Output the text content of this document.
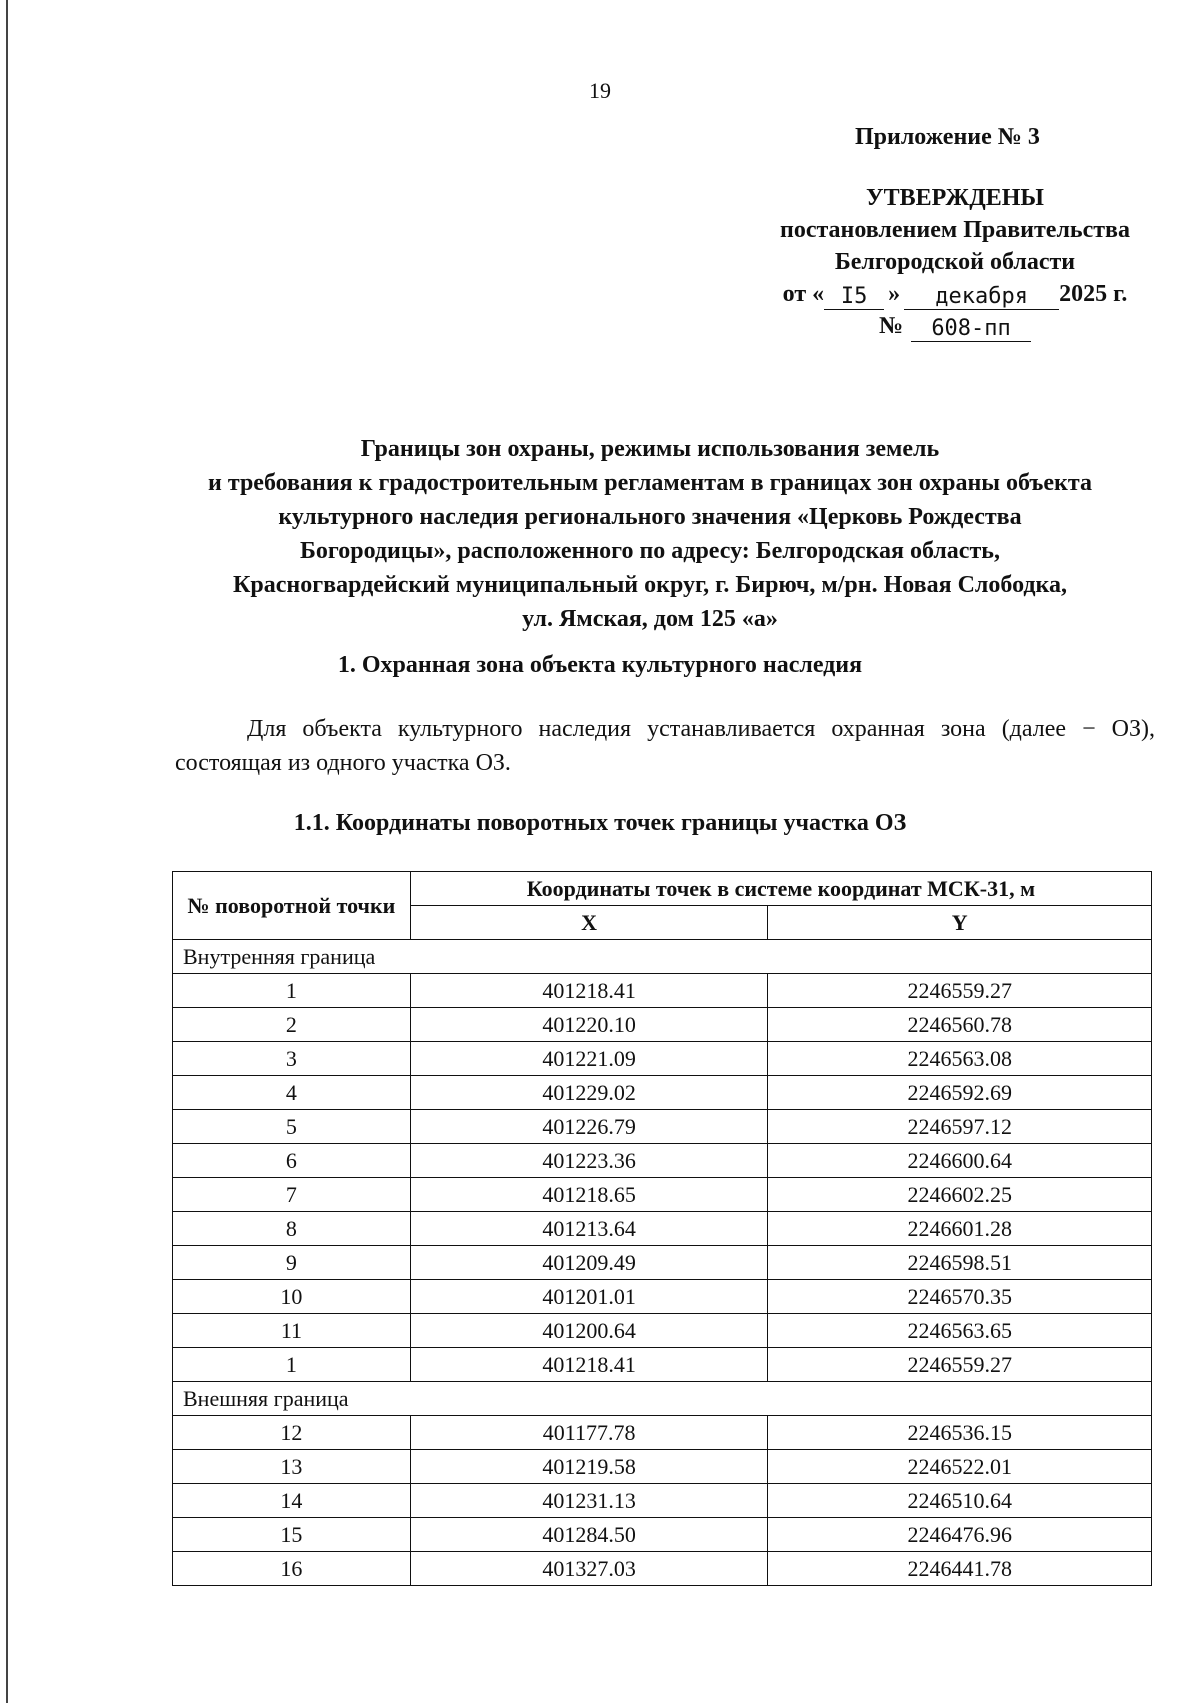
19
Приложение № 3
УТВЕРЖДЕНЫ
постановлением Правительства
Белгородской области
от « I5 »	декабря	2025 г.
№	608-пп
Границы зон охраны, режимы использования земель
и требования к градостроительным регламентам в границах зон охраны объекта
культурного наследия регионального значения «Церковь Рождества
Богородицы», расположенного по адресу: Белгородская область,
Красногвардейский муниципальный округ, г. Бирюч, м/рн. Новая Слободка,
ул. Ямская, дом 125 «а»
1. Охранная зона объекта культурного наследия
Для объекта культурного наследия устанавливается охранная зона (далее − ОЗ), состоящая из одного участка ОЗ.
1.1. Координаты поворотных точек границы участка ОЗ
№ поворотной точки	Координаты точек в системе координат МСК-31, м	
	X	Y
Внутренняя граница		
1	401218.41	2246559.27
2	401220.10	2246560.78
3	401221.09	2246563.08
4	401229.02	2246592.69
5	401226.79	2246597.12
6	401223.36	2246600.64
7	401218.65	2246602.25
8	401213.64	2246601.28
9	401209.49	2246598.51
10	401201.01	2246570.35
11	401200.64	2246563.65
1	401218.41	2246559.27
Внешняя граница		
12	401177.78	2246536.15
13	401219.58	2246522.01
14	401231.13	2246510.64
15	401284.50	2246476.96
16	401327.03	2246441.78
